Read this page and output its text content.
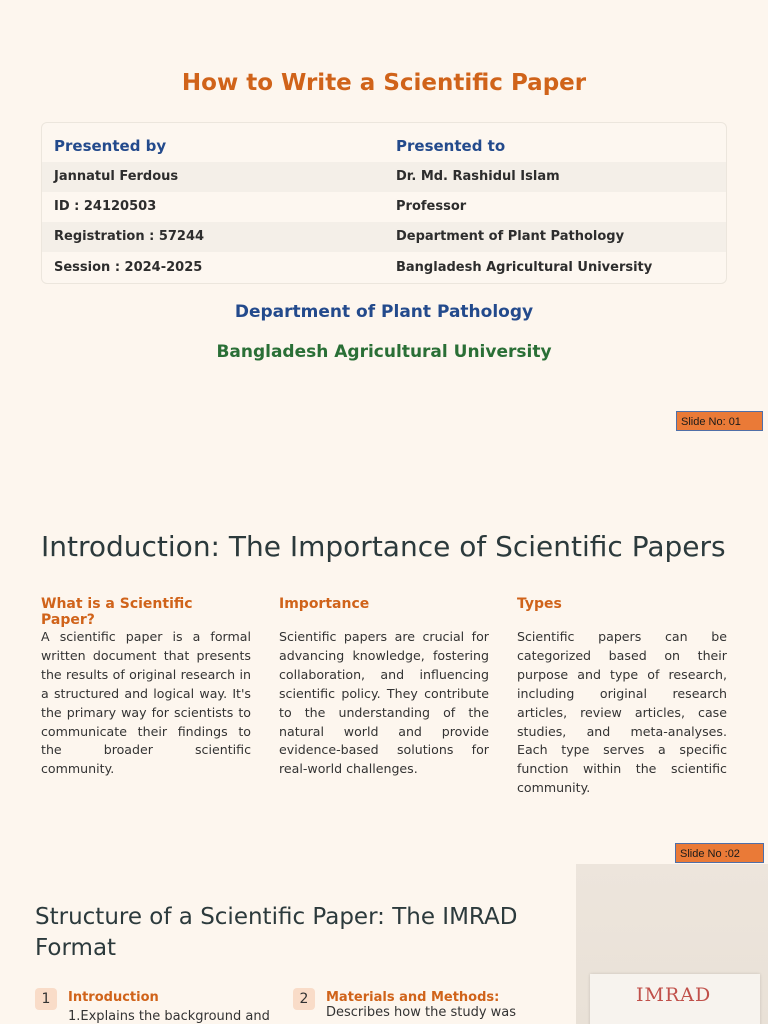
How to Write a Scientific Paper
Presented by	Presented to
Jannatul Ferdous	Dr. Md. Rashidul Islam
ID : 24120503	Professor
Registration : 57244	Department of Plant Pathology
Session : 2024-2025	Bangladesh Agricultural University
Department of Plant Pathology
Bangladesh Agricultural University
Slide No: 01
Introduction: The Importance of Scientific Papers
What is a Scientific Paper?

A scientific paper is a formal written document that presents the results of original research in a structured and logical way. It's the primary way for scientists to communicate their findings to the broader scientific community.

Importance

Scientific papers are crucial for advancing knowledge, fostering collaboration, and influencing scientific policy. They contribute to the understanding of the natural world and provide evidence-based solutions for real-world challenges.

Types

Scientific papers can be categorized based on their purpose and type of research, including original research articles, review articles, case studies, and meta-analyses. Each type serves a specific function within the scientific community.

Slide No :02
Structure of a Scientific Paper: The IMRAD Format
1	Introduction
1.Explains the background and
2	Materials and Methods:
Describes how the study was
IMRAD
